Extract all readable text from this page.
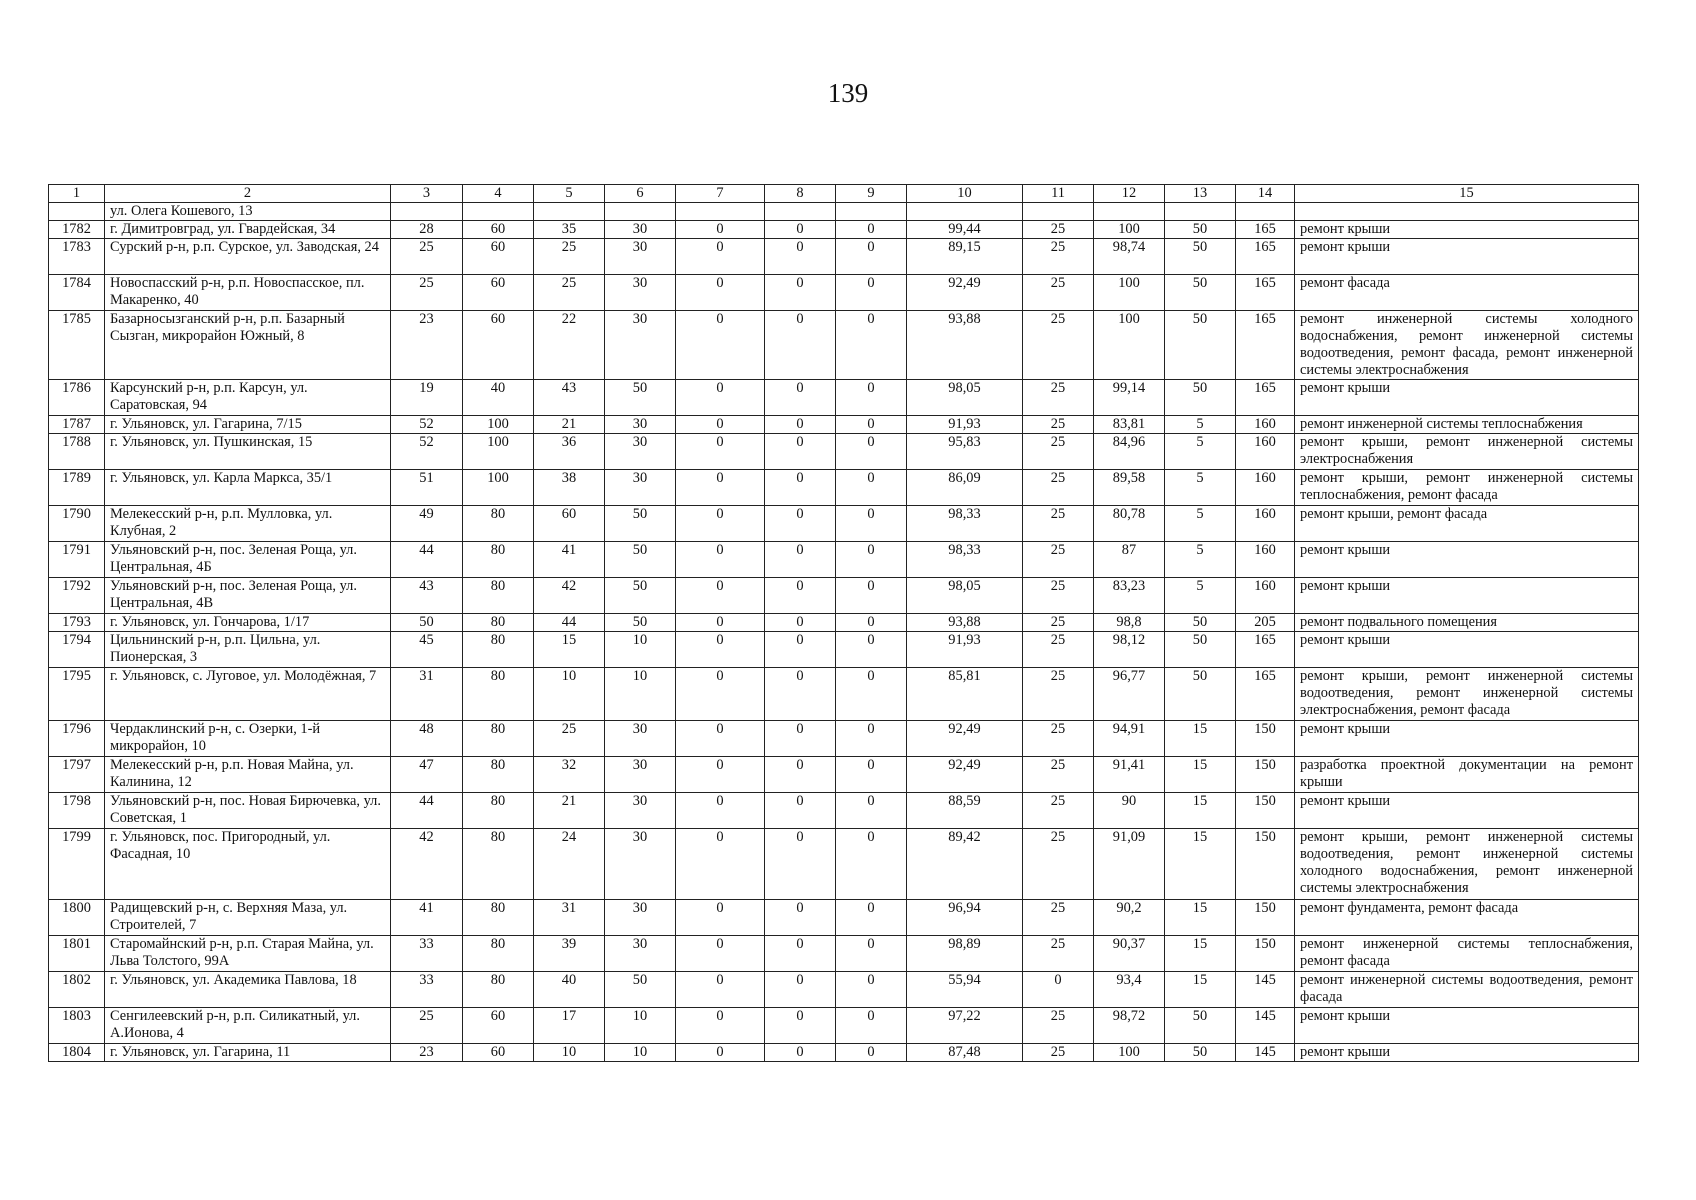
139
1	2	3	4	5	6	7	8	9	10	11	12	13	14	15
	ул. Олега Кошевого, 13													
1782	г. Димитровград, ул. Гвардейская, 34	28	60	35	30	0	0	0	99,44	25	100	50	165	ремонт крыши
1783	Сурский р-н, р.п. Сурское, ул. Заводская, 24	25	60	25	30	0	0	0	89,15	25	98,74	50	165	ремонт крыши
1784	Новоспасский р-н, р.п. Новоспасское, пл. Макаренко, 40	25	60	25	30	0	0	0	92,49	25	100	50	165	ремонт фасада
1785	Базарносызганский р-н, р.п. Базарный Сызган, микрорайон Южный, 8	23	60	22	30	0	0	0	93,88	25	100	50	165	ремонт инженерной системы холодного водоснабжения, ремонт инженерной системы водоотведения, ремонт фасада, ремонт инженерной системы электроснабжения
1786	Карсунский р-н, р.п. Карсун, ул. Саратовская, 94	19	40	43	50	0	0	0	98,05	25	99,14	50	165	ремонт крыши
1787	г. Ульяновск, ул. Гагарина, 7/15	52	100	21	30	0	0	0	91,93	25	83,81	5	160	ремонт инженерной системы теплоснабжения
1788	г. Ульяновск, ул. Пушкинская, 15	52	100	36	30	0	0	0	95,83	25	84,96	5	160	ремонт крыши, ремонт инженерной системы электроснабжения
1789	г. Ульяновск, ул. Карла Маркса, 35/1	51	100	38	30	0	0	0	86,09	25	89,58	5	160	ремонт крыши, ремонт инженерной системы теплоснабжения, ремонт фасада
1790	Мелекесский р-н, р.п. Мулловка, ул. Клубная, 2	49	80	60	50	0	0	0	98,33	25	80,78	5	160	ремонт крыши, ремонт фасада
1791	Ульяновский р-н, пос. Зеленая Роща, ул. Центральная, 4Б	44	80	41	50	0	0	0	98,33	25	87	5	160	ремонт крыши
1792	Ульяновский р-н, пос. Зеленая Роща, ул. Центральная, 4В	43	80	42	50	0	0	0	98,05	25	83,23	5	160	ремонт крыши
1793	г. Ульяновск, ул. Гончарова, 1/17	50	80	44	50	0	0	0	93,88	25	98,8	50	205	ремонт подвального помещения
1794	Цильнинский р-н, р.п. Цильна, ул. Пионерская, 3	45	80	15	10	0	0	0	91,93	25	98,12	50	165	ремонт крыши
1795	г. Ульяновск, с. Луговое, ул. Молодёжная, 7	31	80	10	10	0	0	0	85,81	25	96,77	50	165	ремонт крыши, ремонт инженерной системы водоотведения, ремонт инженерной системы электроснабжения, ремонт фасада
1796	Чердаклинский р-н, с. Озерки, 1-й микрорайон, 10	48	80	25	30	0	0	0	92,49	25	94,91	15	150	ремонт крыши
1797	Мелекесский р-н, р.п. Новая Майна, ул. Калинина, 12	47	80	32	30	0	0	0	92,49	25	91,41	15	150	разработка проектной документации на ремонт крыши
1798	Ульяновский р-н, пос. Новая Бирючевка, ул. Советская, 1	44	80	21	30	0	0	0	88,59	25	90	15	150	ремонт крыши
1799	г. Ульяновск, пос. Пригородный, ул. Фасадная, 10	42	80	24	30	0	0	0	89,42	25	91,09	15	150	ремонт крыши, ремонт инженерной системы водоотведения, ремонт инженерной системы холодного водоснабжения, ремонт инженерной системы электроснабжения
1800	Радищевский р-н, с. Верхняя Маза, ул. Строителей, 7	41	80	31	30	0	0	0	96,94	25	90,2	15	150	ремонт фундамента, ремонт фасада
1801	Старомайнский р-н, р.п. Старая Майна, ул. Льва Толстого, 99А	33	80	39	30	0	0	0	98,89	25	90,37	15	150	ремонт инженерной системы теплоснабжения, ремонт фасада
1802	г. Ульяновск, ул. Академика Павлова, 18	33	80	40	50	0	0	0	55,94	0	93,4	15	145	ремонт инженерной системы водоотведения, ремонт фасада
1803	Сенгилеевский р-н, р.п. Силикатный, ул. А.Ионова, 4	25	60	17	10	0	0	0	97,22	25	98,72	50	145	ремонт крыши
1804	г. Ульяновск, ул. Гагарина, 11	23	60	10	10	0	0	0	87,48	25	100	50	145	ремонт крыши
